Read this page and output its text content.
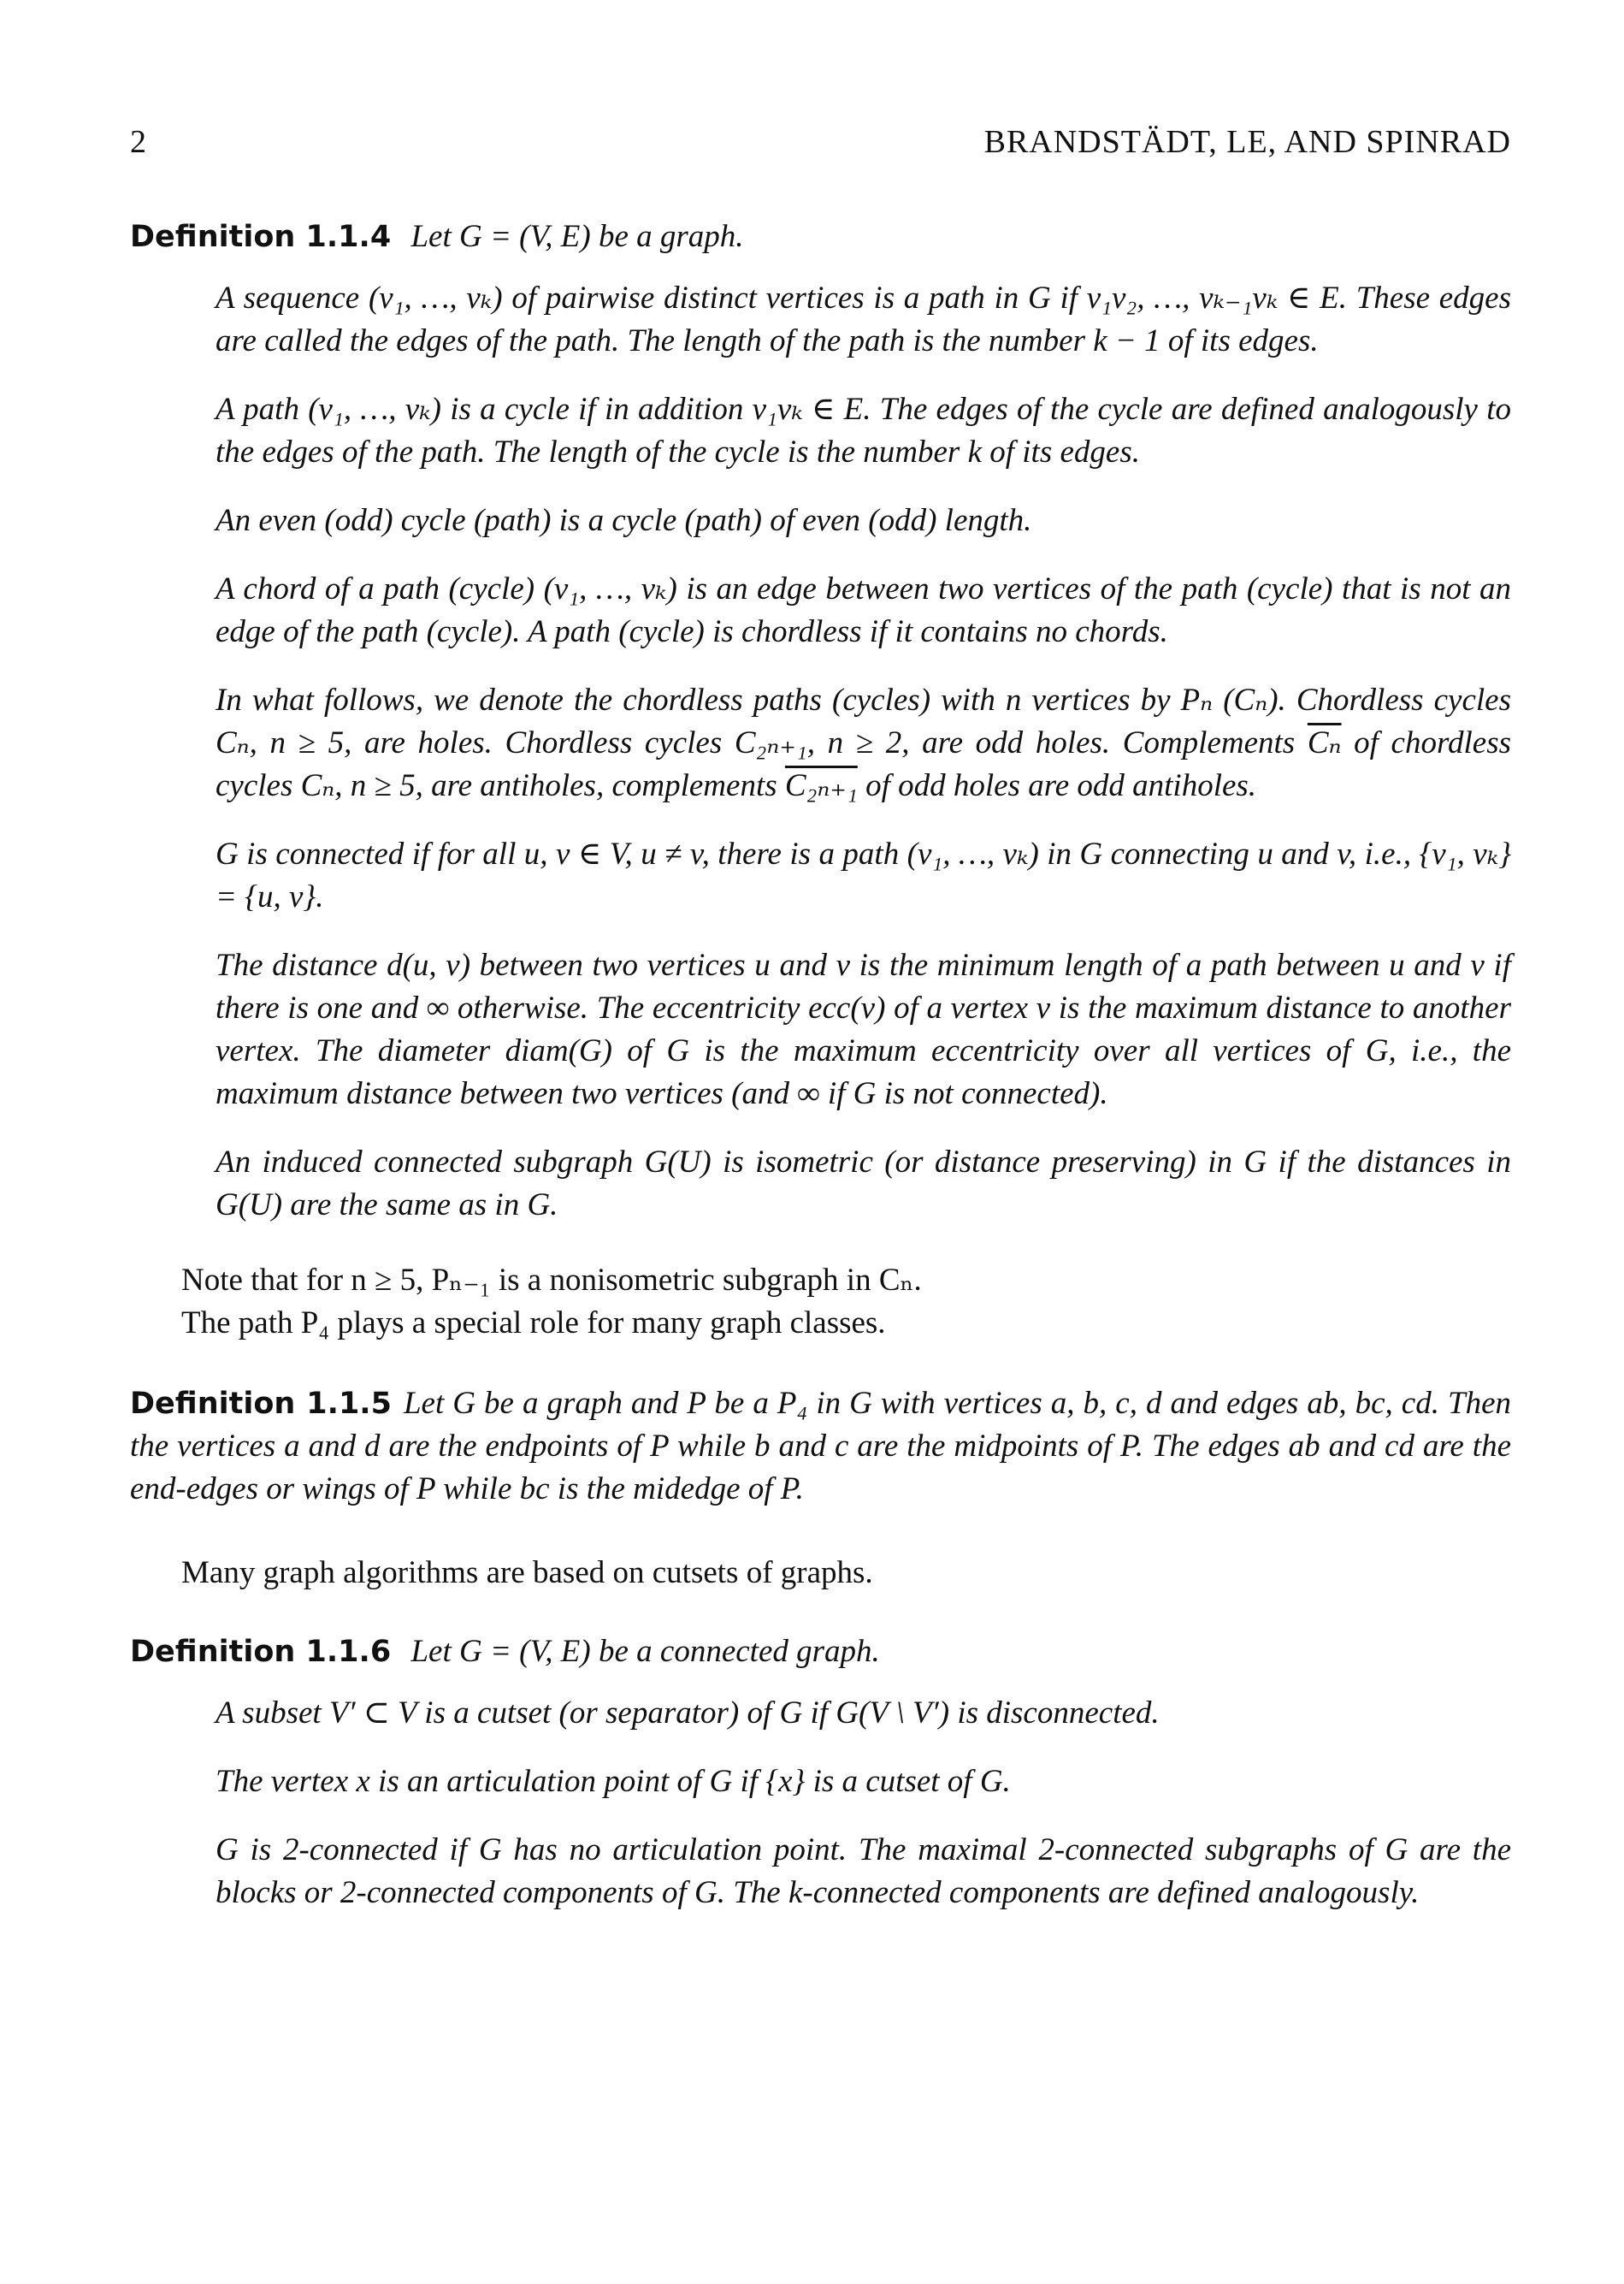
2	BRANDSTÄDT, LE, AND SPINRAD
Definition 1.1.4 Let G = (V, E) be a graph.

A sequence (v₁, …, vₖ) of pairwise distinct vertices is a path in G if v₁v₂, …, vₖ₋₁vₖ ∈ E. These edges are called the edges of the path. The length of the path is the number k − 1 of its edges.

A path (v₁, …, vₖ) is a cycle if in addition v₁vₖ ∈ E. The edges of the cycle are defined analogously to the edges of the path. The length of the cycle is the number k of its edges.

An even (odd) cycle (path) is a cycle (path) of even (odd) length.

A chord of a path (cycle) (v₁, …, vₖ) is an edge between two vertices of the path (cycle) that is not an edge of the path (cycle). A path (cycle) is chordless if it contains no chords.

In what follows, we denote the chordless paths (cycles) with n vertices by Pₙ (Cₙ). Chordless cycles Cₙ, n ≥ 5, are holes. Chordless cycles C₂ₙ₊₁, n ≥ 2, are odd holes. Complements $\overline{C_n}$ of chordless cycles Cₙ, n ≥ 5, are antiholes, complements C₂ₙ₊₁ of odd holes are odd antiholes.

G is connected if for all u, v ∈ V, u ≠ v, there is a path (v₁, …, vₖ) in G connecting u and v, i.e., {v₁, vₖ} = {u, v}.

The distance d(u, v) between two vertices u and v is the minimum length of a path between u and v if there is one and ∞ otherwise. The eccentricity ecc(v) of a vertex v is the maximum distance to another vertex. The diameter diam(G) of G is the maximum eccentricity over all vertices of G, i.e., the maximum distance between two vertices (and ∞ if G is not connected).

An induced connected subgraph G(U) is isometric (or distance preserving) in G if the distances in G(U) are the same as in G.

Note that for n ≥ 5, Pₙ₋₁ is a nonisometric subgraph in Cₙ.
The path P₄ plays a special role for many graph classes.
Definition 1.1.5 Let G be a graph and P be a P₄ in G with vertices a, b, c, d and edges ab, bc, cd. Then the vertices a and d are the endpoints of P while b and c are the midpoints of P. The edges ab and cd are the end-edges or wings of P while bc is the midedge of P.

Many graph algorithms are based on cutsets of graphs.

Definition 1.1.6 Let G = (V, E) be a connected graph.

A subset V′ ⊂ V is a cutset (or separator) of G if G(V \ V′) is disconnected.

The vertex x is an articulation point of G if {x} is a cutset of G.

G is 2-connected if G has no articulation point. The maximal 2-connected subgraphs of G are the blocks or 2-connected components of G. The k-connected components are defined analogously.
